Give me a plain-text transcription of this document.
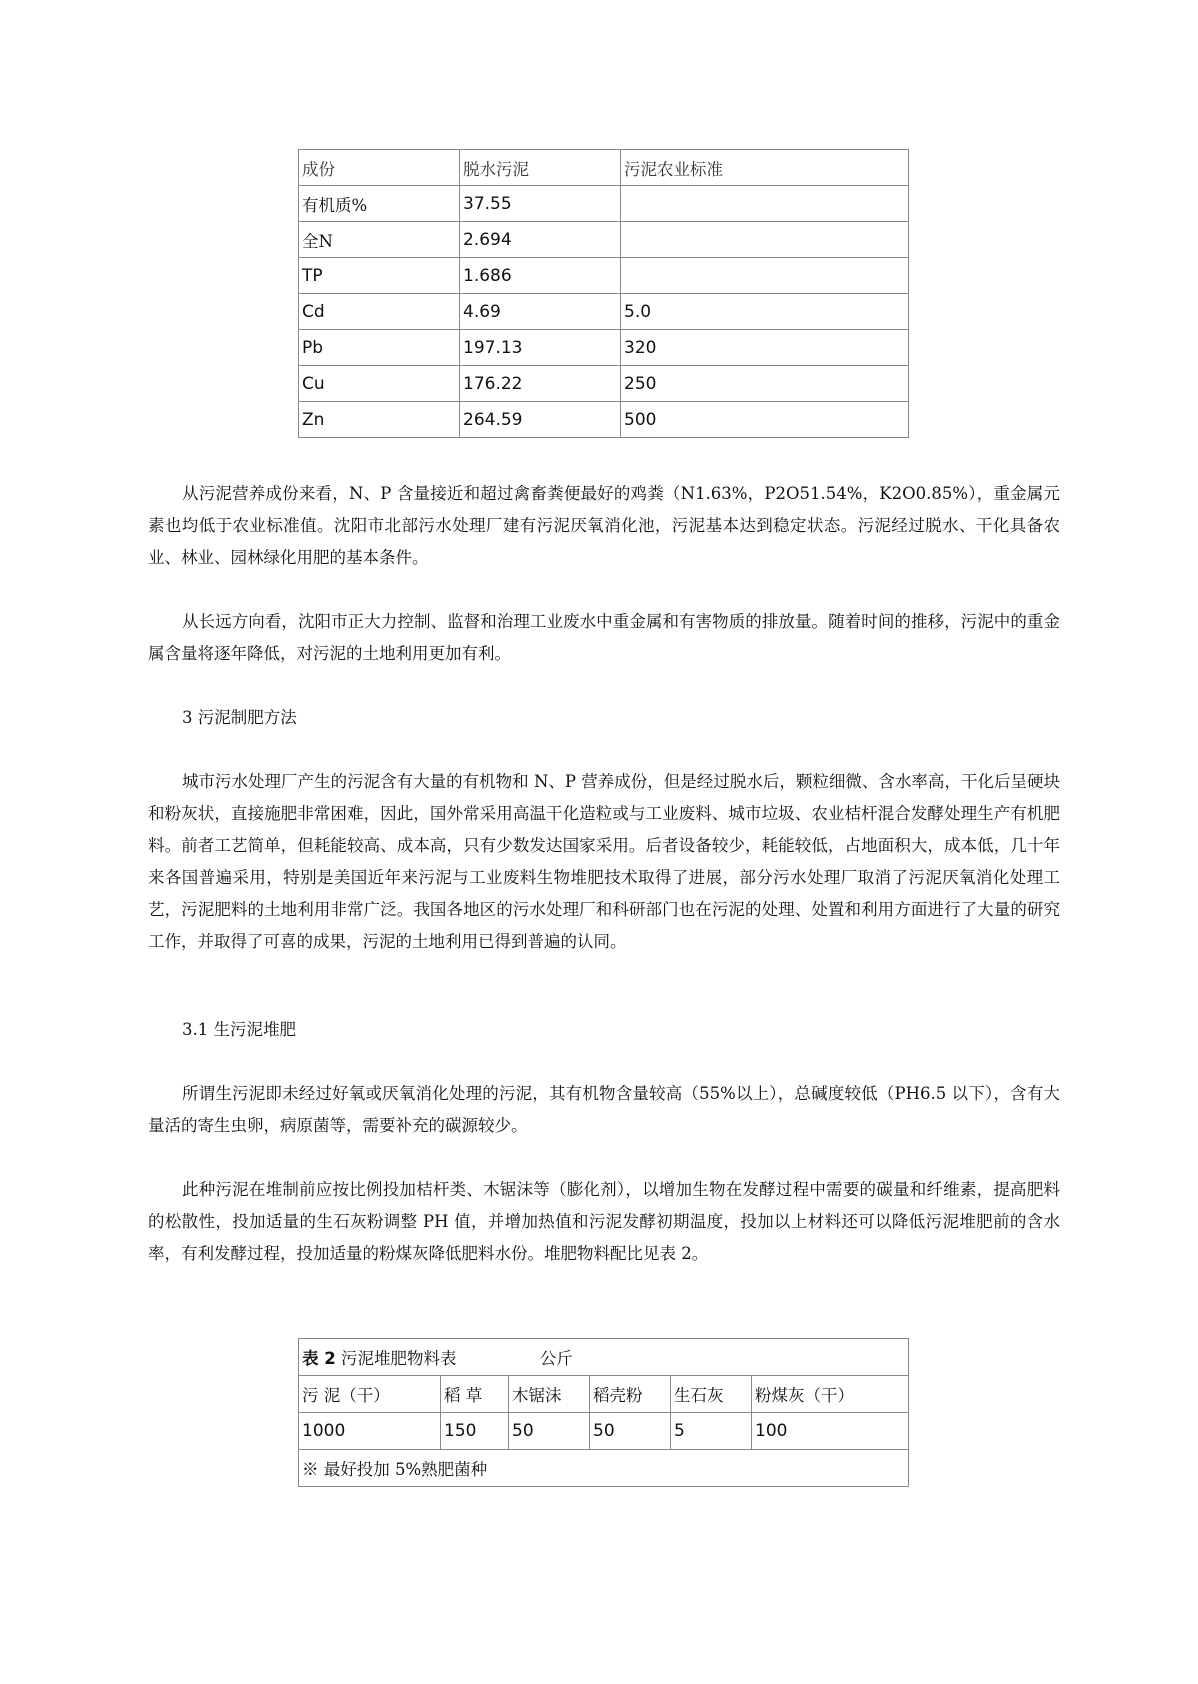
成份	脱水污泥	污泥农业标准
有机质%	37.55	
全N	2.694	
TP	1.686	
Cd	4.69	5.0
Pb	197.13	320
Cu	176.22	250
Zn	264.59	500

从污泥营养成份来看，N、P 含量接近和超过禽畜粪便最好的鸡粪（N1.63%，P2O51.54%，K2O0.85%），重金属元素也均低于农业标准值。沈阳市北部污水处理厂建有污泥厌氧消化池，污泥基本达到稳定状态。污泥经过脱水、干化具备农业、林业、园林绿化用肥的基本条件。

从长远方向看，沈阳市正大力控制、监督和治理工业废水中重金属和有害物质的排放量。随着时间的推移，污泥中的重金属含量将逐年降低，对污泥的土地利用更加有利。

3 污泥制肥方法

城市污水处理厂产生的污泥含有大量的有机物和 N、P 营养成份，但是经过脱水后，颗粒细微、含水率高，干化后呈硬块和粉灰状，直接施肥非常困难，因此，国外常采用高温干化造粒或与工业废料、城市垃圾、农业桔杆混合发酵处理生产有机肥料。前者工艺简单，但耗能较高、成本高，只有少数发达国家采用。后者设备较少，耗能较低，占地面积大，成本低，几十年来各国普遍采用，特别是美国近年来污泥与工业废料生物堆肥技术取得了进展，部分污水处理厂取消了污泥厌氧消化处理工艺，污泥肥料的土地利用非常广泛。我国各地区的污水处理厂和科研部门也在污泥的处理、处置和利用方面进行了大量的研究工作，并取得了可喜的成果，污泥的土地利用已得到普遍的认同。

3.1 生污泥堆肥

所谓生污泥即未经过好氧或厌氧消化处理的污泥，其有机物含量较高（55%以上），总碱度较低（PH6.5 以下），含有大量活的寄生虫卵，病原菌等，需要补充的碳源较少。

此种污泥在堆制前应按比例投加桔杆类、木锯沫等（膨化剂），以增加生物在发酵过程中需要的碳量和纤维素，提高肥料的松散性，投加适量的生石灰粉调整 PH 值，并增加热值和污泥发酵初期温度，投加以上材料还可以降低污泥堆肥前的含水率，有利发酵过程，投加适量的粉煤灰降低肥料水份。堆肥物料配比见表 2。

表 2 污泥堆肥物料表 公斤					
污 泥（干）	稻 草	木锯沫	稻壳粉	生石灰	粉煤灰（干）
1000	150	50	50	5	100
※ 最好投加 5%熟肥菌种					
